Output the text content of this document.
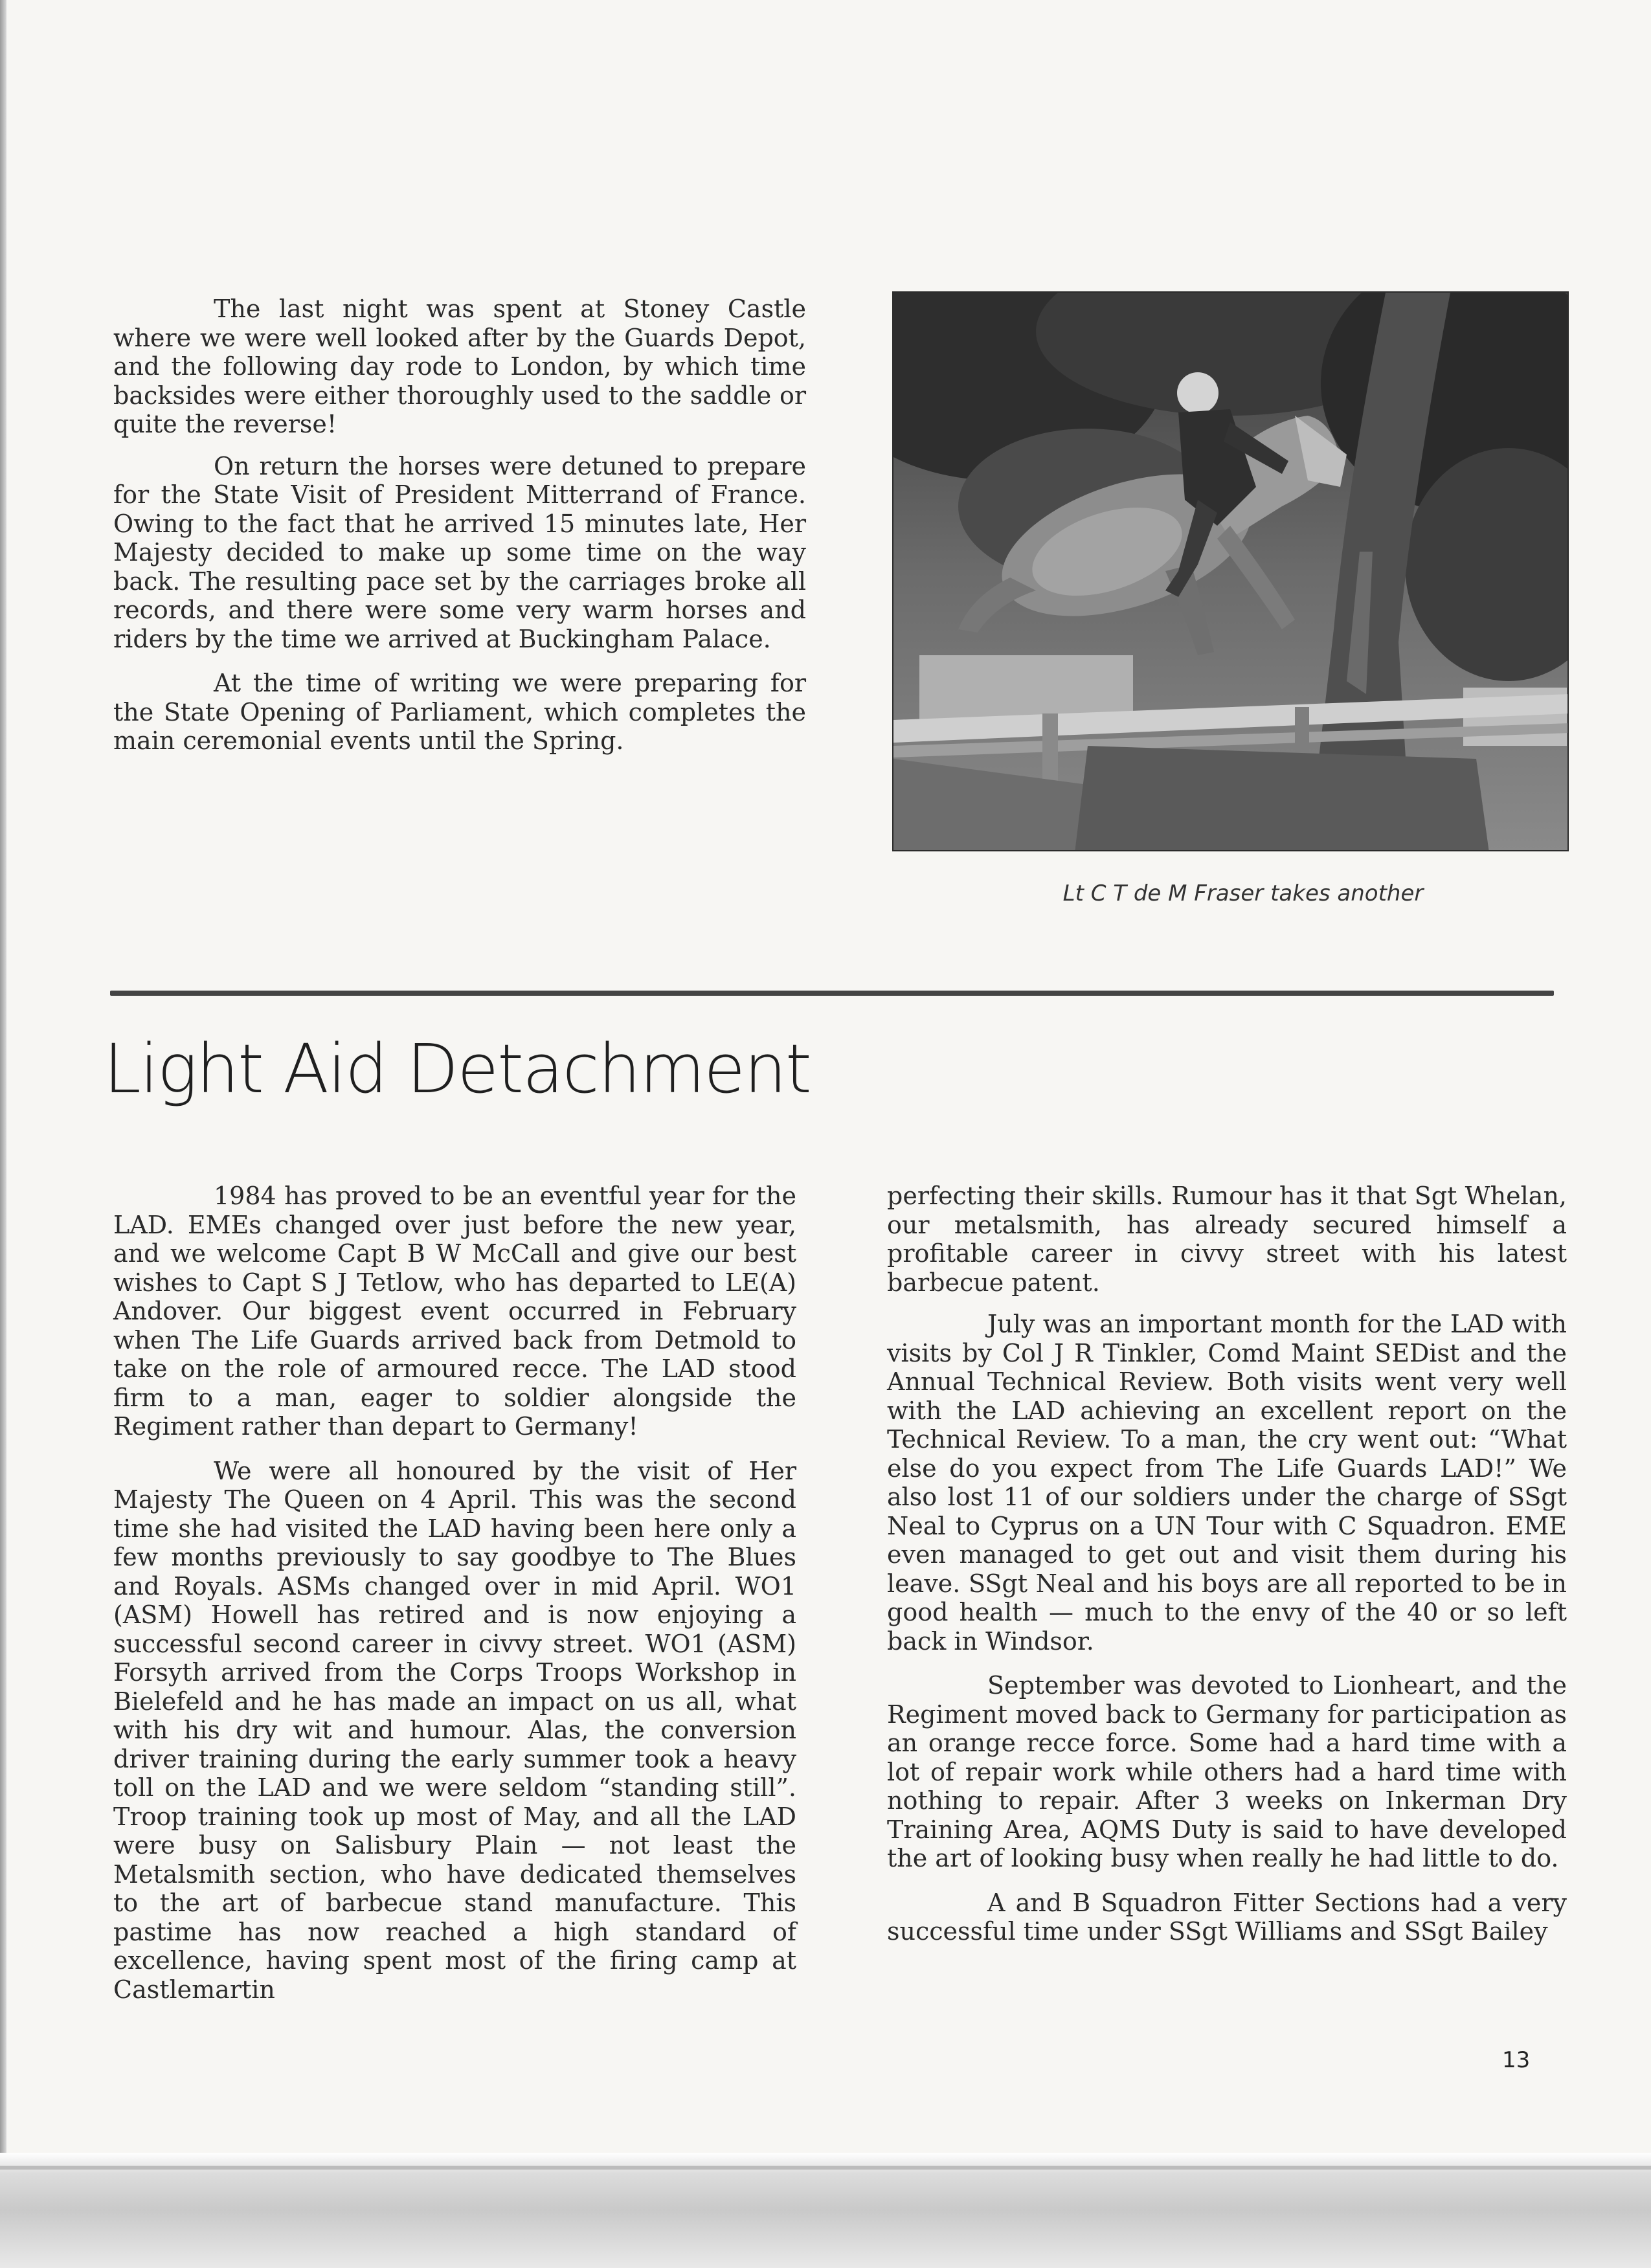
The last night was spent at Stoney Castle where we were well looked after by the Guards Depot, and the following day rode to London, by which time backsides were either thoroughly used to the saddle or quite the reverse!

On return the horses were detuned to prepare for the State Visit of President Mitterrand of France. Owing to the fact that he arrived 15 minutes late, Her Majesty decided to make up some time on the way back. The resulting pace set by the carriages broke all records, and there were some very warm horses and riders by the time we arrived at Buckingham Palace.

At the time of writing we were preparing for the State Opening of Parliament, which completes the main ceremonial events until the Spring.

Lt C T de M Fraser takes another
Light Aid Detachment

1984 has proved to be an eventful year for the LAD. EMEs changed over just before the new year, and we welcome Capt B W McCall and give our best wishes to Capt S J Tetlow, who has departed to LE(A) Andover. Our biggest event occurred in February when The Life Guards arrived back from Detmold to take on the role of armoured recce. The LAD stood firm to a man, eager to soldier alongside the Regiment rather than depart to Germany!

We were all honoured by the visit of Her Majesty The Queen on 4 April. This was the second time she had visited the LAD having been here only a few months previously to say goodbye to The Blues and Royals. ASMs changed over in mid April. WO1 (ASM) Howell has retired and is now enjoying a successful second career in civvy street. WO1 (ASM) Forsyth arrived from the Corps Troops Workshop in Bielefeld and he has made an impact on us all, what with his dry wit and humour. Alas, the conversion driver training during the early summer took a heavy toll on the LAD and we were seldom “standing still”. Troop training took up most of May, and all the LAD were busy on Salisbury Plain — not least the Metalsmith section, who have dedicated themselves to the art of barbecue stand manufacture. This pastime has now reached a high standard of excellence, having spent most of the firing camp at Castlemartin

perfecting their skills. Rumour has it that Sgt Whelan, our metalsmith, has already secured himself a profitable career in civvy street with his latest barbecue patent.

July was an important month for the LAD with visits by Col J R Tinkler, Comd Maint SEDist and the Annual Technical Review. Both visits went very well with the LAD achieving an excellent report on the Technical Review. To a man, the cry went out: “What else do you expect from The Life Guards LAD!” We also lost 11 of our soldiers under the charge of SSgt Neal to Cyprus on a UN Tour with C Squadron. EME even managed to get out and visit them during his leave. SSgt Neal and his boys are all reported to be in good health — much to the envy of the 40 or so left back in Windsor.

September was devoted to Lionheart, and the Regiment moved back to Germany for participation as an orange recce force. Some had a hard time with a lot of repair work while others had a hard time with nothing to repair. After 3 weeks on Inkerman Dry Training Area, AQMS Duty is said to have developed the art of looking busy when really he had little to do.

A and B Squadron Fitter Sections had a very successful time under SSgt Williams and SSgt Bailey

13
